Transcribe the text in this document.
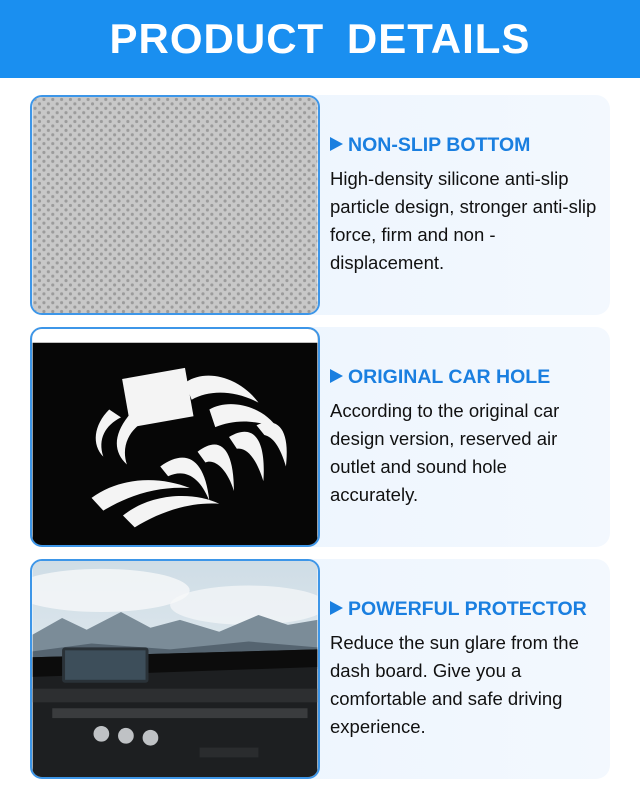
PRODUCT DETAILS
NON-SLIP BOTTOM
High-density silicone anti-slip particle design, stronger anti-slip force, firm and non -displacement.
ORIGINAL CAR HOLE
According to the original car design version, reserved air outlet and sound hole accurately.
POWERFUL PROTECTOR
Reduce the sun glare from the dash board. Give you a comfortable and safe driving experience.
